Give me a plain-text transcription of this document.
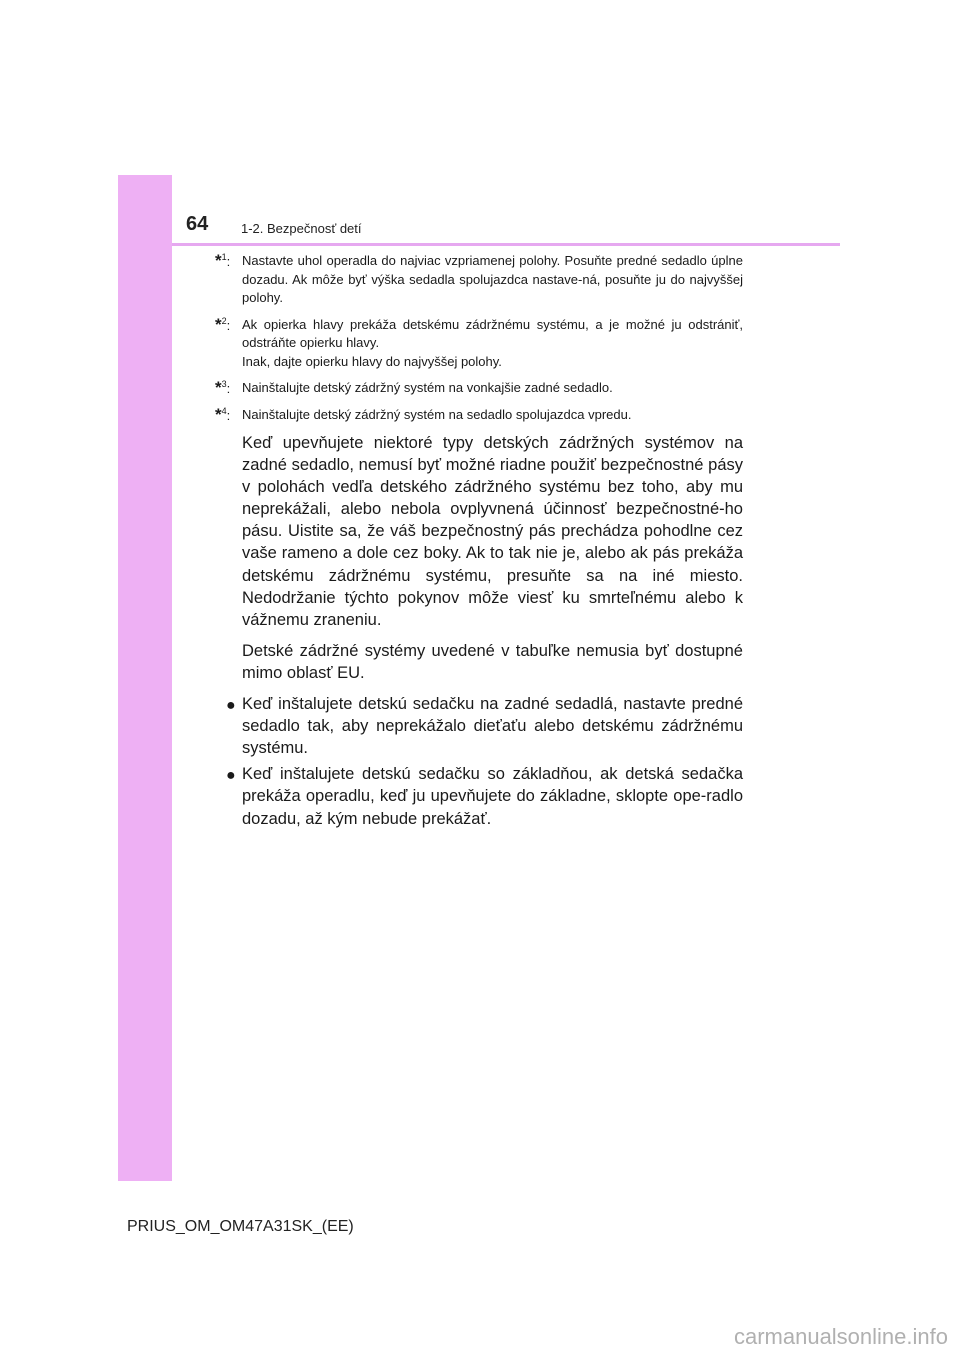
64	1-2. Bezpečnosť detí
*$^1$: Nastavte uhol operadla do najviac vzpriamenej polohy. Posuňte predné sedadlo úplne dozadu. Ak môže byť výška sedadla spolujazdca nastave-ná, posuňte ju do najvyššej polohy.

*$^2$: Ak opierka hlavy prekáža detskému zádržnému systému, a je možné ju odstrániť, odstráňte opierku hlavy.

Inak, dajte opierku hlavy do najvyššej polohy.

*$^3$: Nainštalujte detský zádržný systém na vonkajšie zadné sedadlo.

*$^4$: Nainštalujte detský zádržný systém na sedadlo spolujazdca vpredu.

Keď upevňujete niektoré typy detských zádržných systémov na zadné sedadlo, nemusí byť možné riadne použiť bezpečnostné pásy v polohách vedľa detského zádržného systému bez toho, aby mu neprekážali, alebo nebola ovplyvnená účinnosť bezpečnostné-ho pásu. Uistite sa, že váš bezpečnostný pás prechádza pohodlne cez vaše rameno a dole cez boky. Ak to tak nie je, alebo ak pás prekáža detskému zádržnému systému, presuňte sa na iné miesto. Nedodržanie týchto pokynov môže viesť ku smrteľnému alebo k vážnemu zraneniu.

Detské zádržné systémy uvedené v tabuľke nemusia byť dostupné mimo oblasť EU.

● Keď inštalujete detskú sedačku na zadné sedadlá, nastavte predné sedadlo tak, aby neprekážalo dieťaťu alebo detskému zádržnému systému.
● Keď inštalujete detskú sedačku so základňou, ak detská sedačka prekáža operadlu, keď ju upevňujete do základne, sklopte ope-radlo dozadu, až kým nebude prekážať.
PRIUS_OM_OM47A31SK_(EE)
carmanualsonline.info
